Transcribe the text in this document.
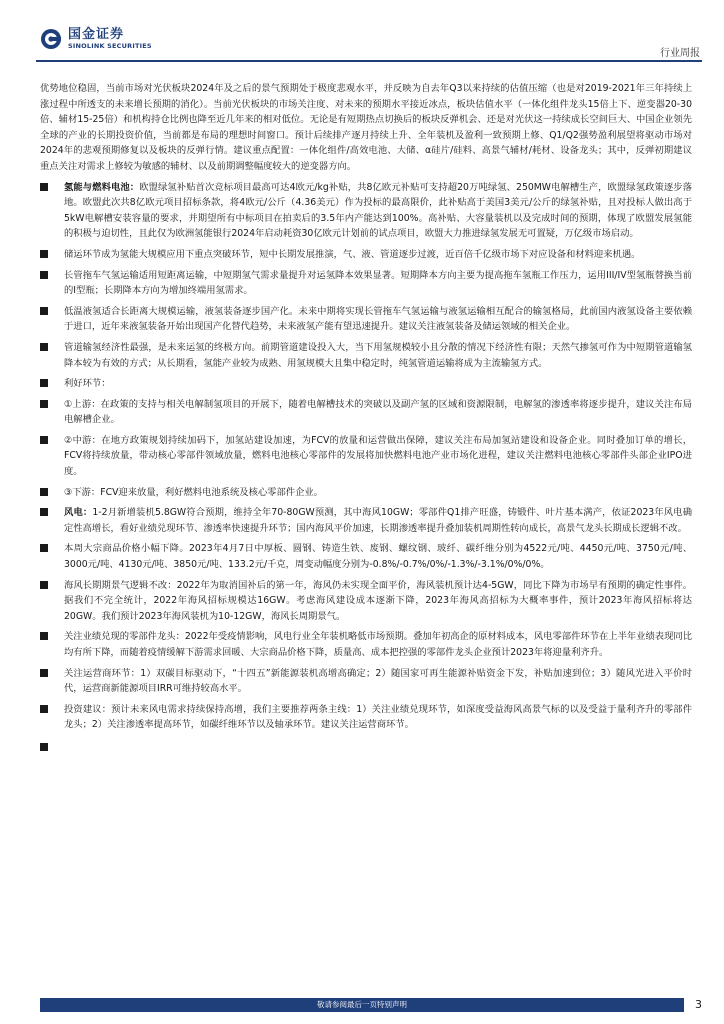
国金证券
SINOLINK SECURITIES
行业周报

优势地位稳固，当前市场对光伏板块2024年及之后的景气预期处于极度悲观水平，并反映为自去年Q3以来持续的估值压缩（也是对2019-2021年三年持续上涨过程中所透支的未来增长预期的消化）。当前光伏板块的市场关注度、对未来的预期水平接近冰点，板块估值水平（一体化组件龙头15倍上下、逆变器20-30倍、辅材15-25倍）和机构持仓比例也降至近几年来的相对低位。无论是有短期热点切换后的板块反弹机会、还是对光伏这一持续成长空间巨大、中国企业领先全球的产业的长期投资价值，当前都是布局的理想时间窗口。预计后续排产逐月持续上升、全年装机及盈利一致预期上修、Q1/Q2强势盈利展望将驱动市场对2024年的悲观预期修复以及板块的反弹行情。建议重点配置：一体化组件/高效电池、大储、α硅片/硅料、高景气辅材/耗材、设备龙头；其中，反弹初期建议重点关注对需求上修较为敏感的辅材、以及前期调整幅度较大的逆变器方向。

氢能与燃料电池：欧盟绿氢补贴首次竞标项目最高可达4欧元/kg补贴，共8亿欧元补贴可支持超20万吨绿氢、250MW电解槽生产，欧盟绿氢政策逐步落地。欧盟此次共8亿欧元项目招标条款，将4欧元/公斤（4.36美元）作为投标的最高限价，此补贴高于美国3美元/公斤的绿氢补贴，且对投标人做出高于5kW电解槽安装容量的要求，并期望所有中标项目在拍卖后的3.5年内产能达到100%。高补贴、大容量装机以及完成时间的预期，体现了欧盟发展氢能的积极与迫切性，且此仅为欧洲氢能银行2024年启动耗资30亿欧元计划前的试点项目，欧盟大力推进绿氢发展无可置疑，万亿级市场启动。

储运环节成为氢能大规模应用下重点突破环节，短中长期发展推演，气、液、管道逐步过渡，近百倍千亿级市场下对应设备和材料迎来机遇。

长管拖车气氢运输适用短距离运输，中短期氢气需求量提升对运氢降本效果显著。短期降本方向主要为提高拖车氢瓶工作压力，运用III/IV型氢瓶替换当前的I型瓶；长期降本方向为增加终端用氢需求。

低温液氢适合长距离大规模运输，液氢装备逐步国产化。未来中期将实现长管拖车气氢运输与液氢运输相互配合的输氢格局，此前国内液氢设备主要依赖于进口，近年来液氢装备开始出现国产化替代趋势，未来液氢产能有望迅速提升。建议关注液氢装备及储运领域的相关企业。

管道输氢经济性最强，是未来运氢的终极方向。前期管道建设投入大，当下用氢规模较小且分散的情况下经济性有限；天然气掺氢可作为中短期管道输氢降本较为有效的方式；从长期看，氢能产业较为成熟、用氢规模大且集中稳定时，纯氢管道运输将成为主流输氢方式。

利好环节：

①上游：在政策的支持与相关电解制氢项目的开展下，随着电解槽技术的突破以及副产氢的区域和资源限制，电解氢的渗透率将逐步提升，建议关注布局电解槽企业。

②中游：在地方政策规划持续加码下，加氢站建设加速，为FCV的放量和运营做出保障，建议关注布局加氢站建设和设备企业。同时叠加订单的增长，FCV将持续放量，带动核心零部件领域放量，燃料电池核心零部件的发展将加快燃料电池产业市场化进程，建议关注燃料电池核心零部件头部企业IPO进度。

③下游：FCV迎来放量，利好燃料电池系统及核心零部件企业。

风电：1-2月新增装机5.8GW符合预期，维持全年70-80GW预测，其中海风10GW；零部件Q1排产旺盛，铸锻件、叶片基本满产，依证2023年风电确定性高增长，看好业绩兑现环节、渗透率快速提升环节；国内海风平价加速，长期渗透率提升叠加装机周期性转向成长，高景气龙头长期成长逻辑不改。

本周大宗商品价格小幅下降。2023年4月7日中厚板、圆钢、铸造生铁、废钢、螺纹钢、玻纤、碳纤维分别为4522元/吨、4450元/吨、3750元/吨、3000元/吨、4130元/吨、3850元/吨、133.2元/千克，周变动幅度分别为-0.8%/-0.7%/0%/-1.3%/-3.1%/0%/0%。

海风长期期景气逻辑不改：2022年为取消国补后的第一年，海风仍未实现全面平价，海风装机预计达4-5GW，同比下降为市场早有预期的确定性事件。据我们不完全统计，2022年海风招标规模达16GW。考虑海风建设成本逐渐下降，2023年海风高招标为大概率事件，预计2023年海风招标将达20GW。我们预计2023年海风装机为10-12GW，海风长周期景气。

关注业绩兑现的零部件龙头：2022年受疫情影响，风电行业全年装机略低市场预期。叠加年初高企的原材料成本，风电零部件环节在上半年业绩表现同比均有所下降，而随着疫情缓解下游需求回暖、大宗商品价格下降，质量高、成本把控强的零部件龙头企业预计2023年将迎量利齐升。

关注运营商环节：1）双碳目标驱动下，“十四五”新能源装机高增高确定；2）随国家可再生能源补贴资金下发，补贴加速到位；3）随风光进入平价时代，运营商新能源项目IRR可维持较高水平。

投资建议：预计未来风电需求持续保持高增，我们主要推荐两条主线：1）关注业绩兑现环节，如深度受益海风高景气标的以及受益于量利齐升的零部件龙头；2）关注渗透率提高环节，如碳纤维环节以及轴承环节。建议关注运营商环节。

敬请参阅最后一页特别声明	3
